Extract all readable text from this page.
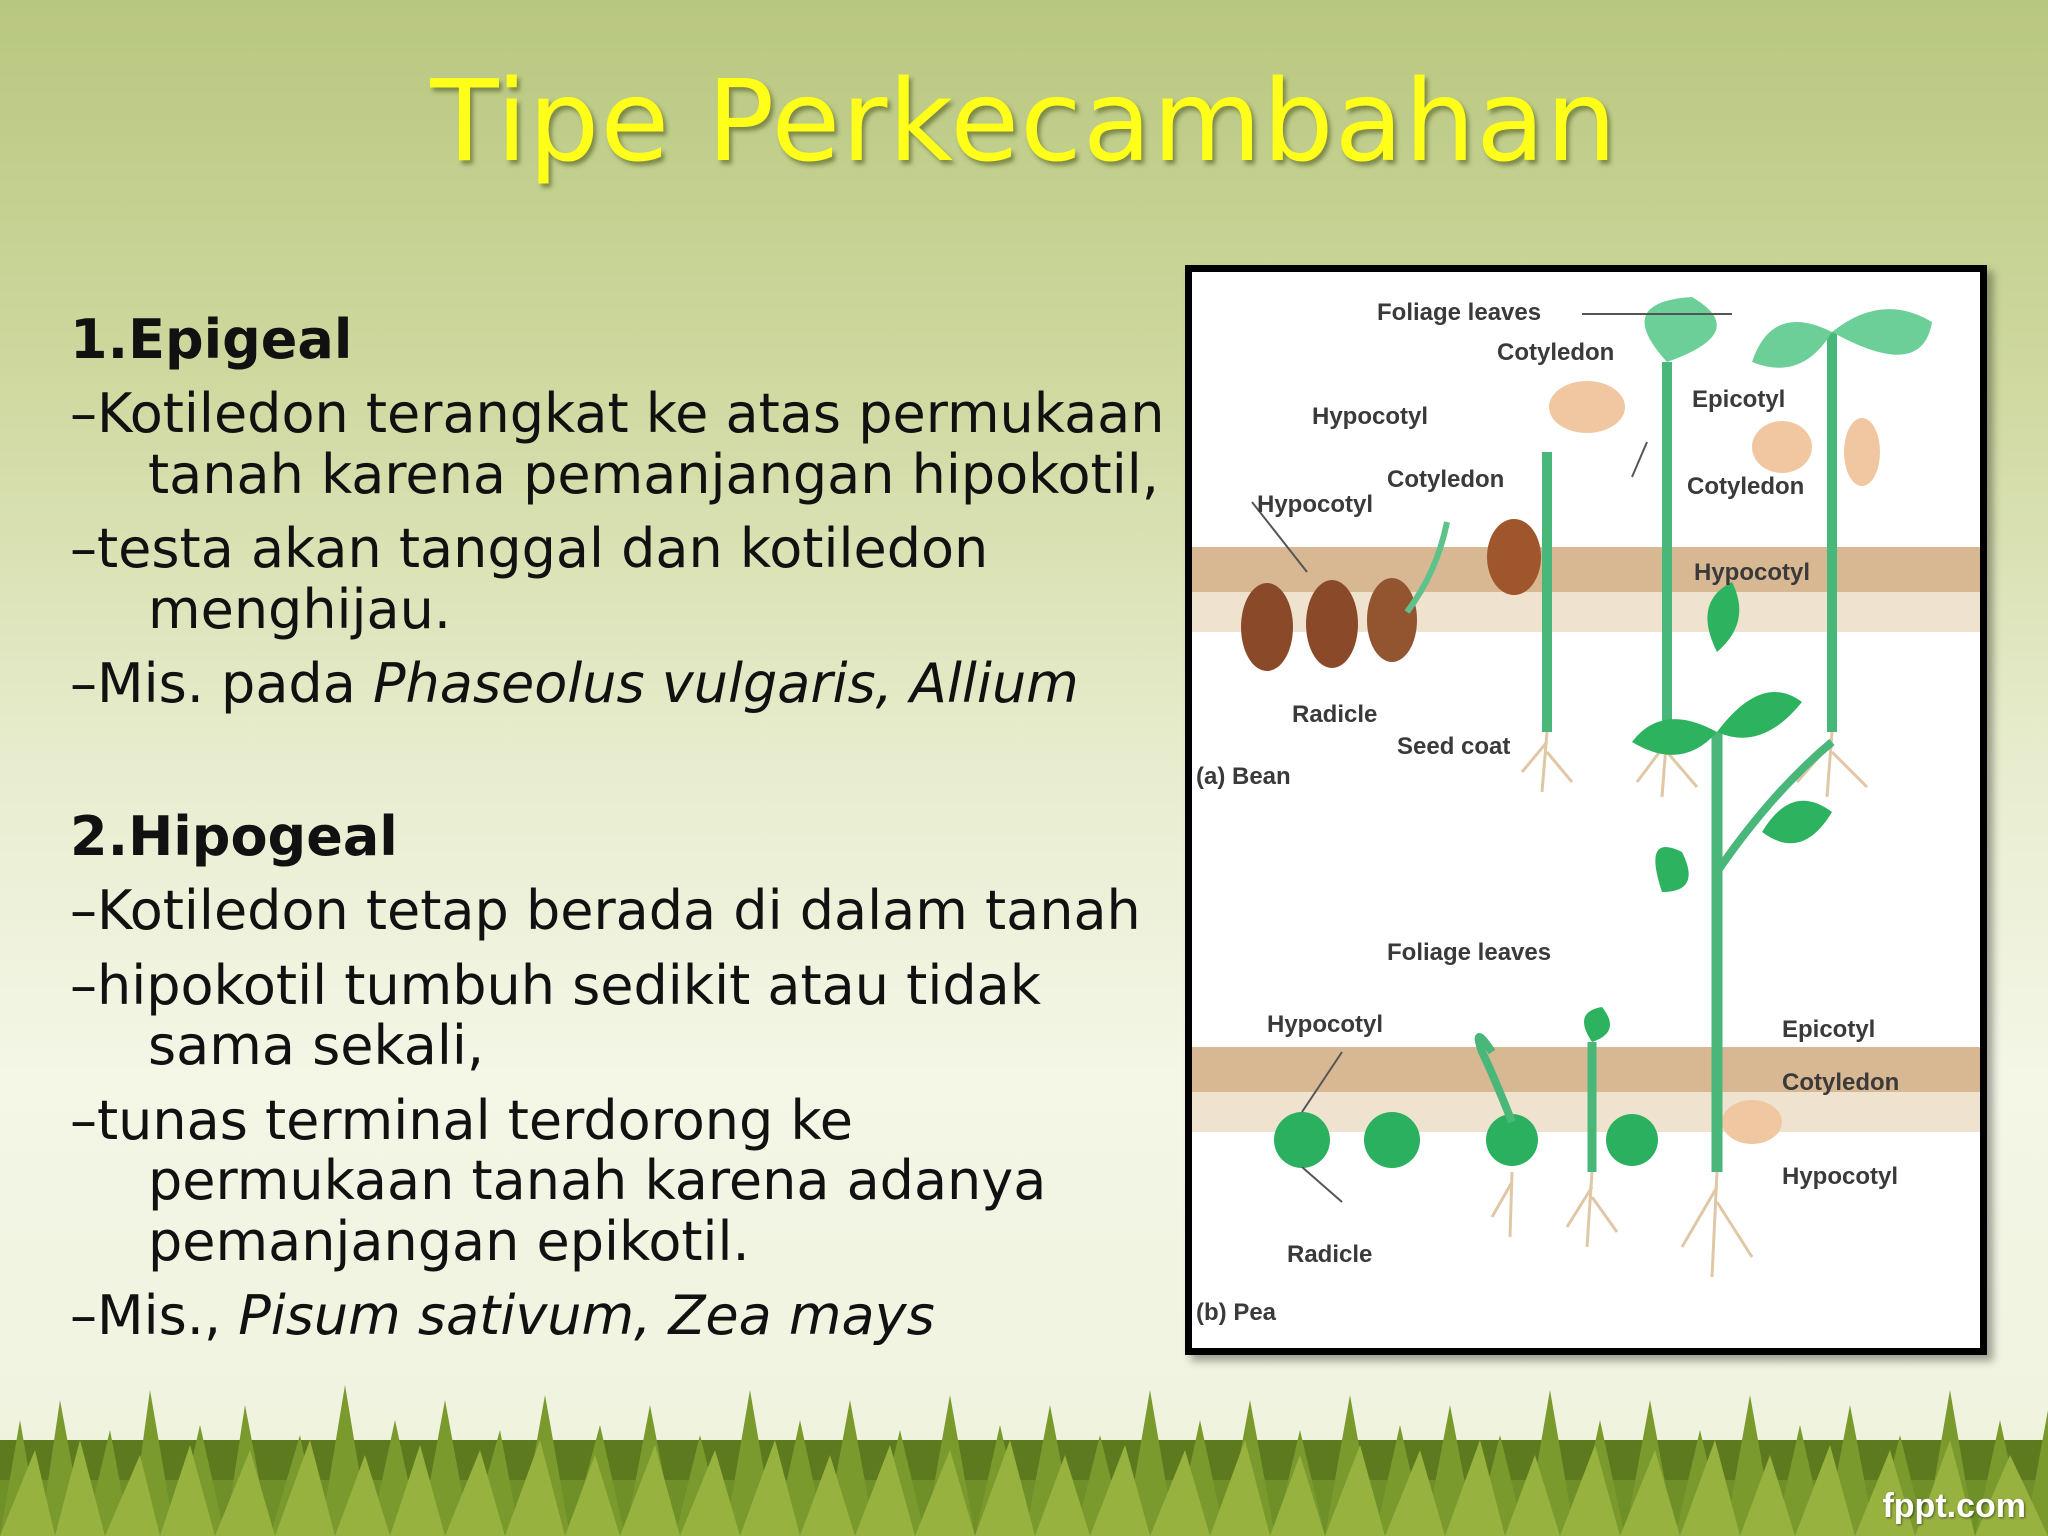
Tipe Perkecambahan
1.Epigeal
–Kotiledon terangkat ke atas permukaan tanah karena pemanjangan hipokotil,
–testa akan tanggal dan kotiledon menghijau.
–Mis. pada Phaseolus vulgaris, Allium
2.Hipogeal
–Kotiledon tetap berada di dalam tanah
–hipokotil tumbuh sedikit atau tidak sama sekali,
–tunas terminal terdorong ke permukaan tanah karena adanya pemanjangan epikotil.
–Mis., Pisum sativum, Zea mays
Foliage leaves
Cotyledon
Hypocotyl
Cotyledon
Hypocotyl
Epicotyl
Cotyledon
Hypocotyl
Radicle
Seed coat
(a) Bean
Foliage leaves
Hypocotyl	Epicotyl
Cotyledon
Hypocotyl
Radicle
(b) Pea
fppt.com
